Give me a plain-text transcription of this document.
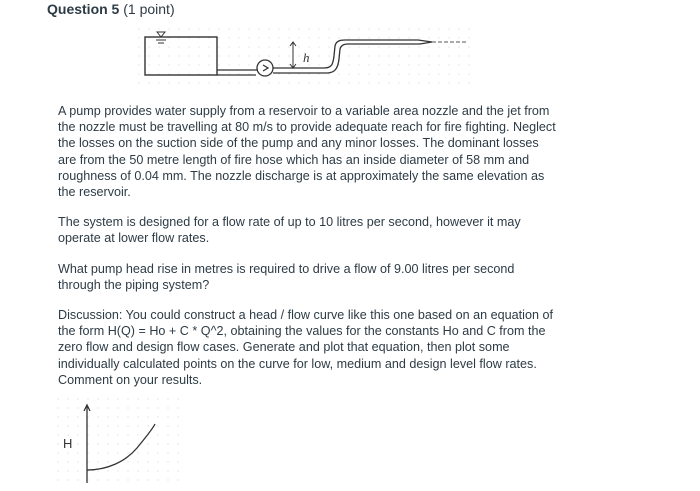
Question 5 (1 point)
h

A pump provides water supply from a reservoir to a variable area nozzle and the jet from the nozzle must be travelling at 80 m/s to provide adequate reach for fire fighting. Neglect the losses on the suction side of the pump and any minor losses. The dominant losses are from the 50 metre length of fire hose which has an inside diameter of 58 mm and roughness of 0.04 mm. The nozzle discharge is at approximately the same elevation as the reservoir.

The system is designed for a flow rate of up to 10 litres per second, however it may operate at lower flow rates.

What pump head rise in metres is required to drive a flow of 9.00 litres per second through the piping system?

Discussion: You could construct a head / flow curve like this one based on an equation of the form H(Q) = Ho + C * Q^2, obtaining the values for the constants Ho and C from the zero flow and design flow cases. Generate and plot that equation, then plot some individually calculated points on the curve for low, medium and design level flow rates. Comment on your results.

H
